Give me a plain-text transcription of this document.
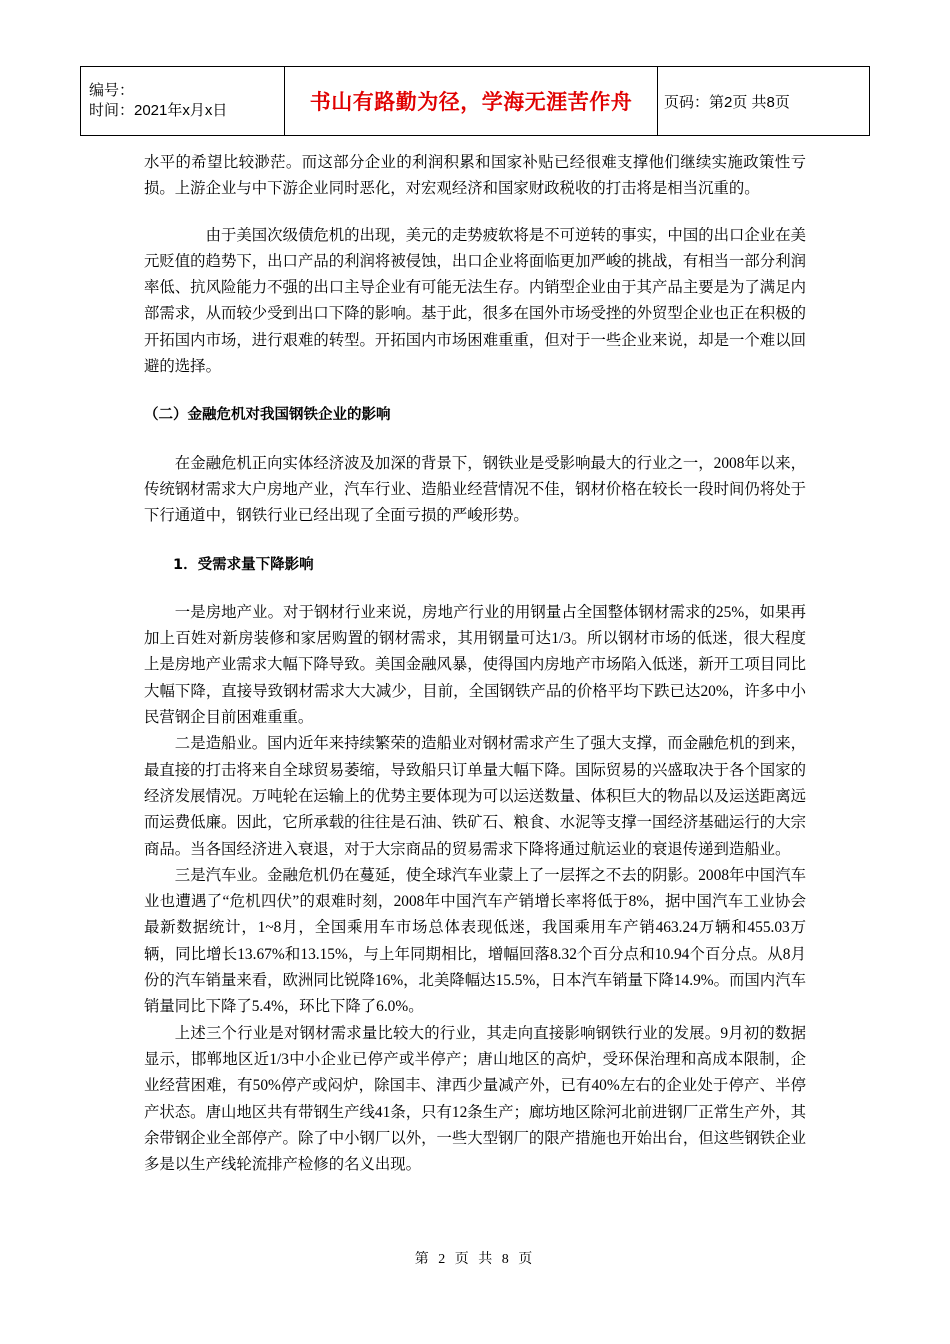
编号：
时间：2021年x月x日	书山有路勤为径，学海无涯苦作舟	页码：第2页 共8页

水平的希望比较渺茫。而这部分企业的利润积累和国家补贴已经很难支撑他们继续实施政策性亏损。上游企业与中下游企业同时恶化，对宏观经济和国家财政税收的打击将是相当沉重的。

由于美国次级债危机的出现，美元的走势疲软将是不可逆转的事实，中国的出口企业在美元贬值的趋势下，出口产品的利润将被侵蚀，出口企业将面临更加严峻的挑战，有相当一部分利润率低、抗风险能力不强的出口主导企业有可能无法生存。内销型企业由于其产品主要是为了满足内部需求，从而较少受到出口下降的影响。基于此，很多在国外市场受挫的外贸型企业也正在积极的开拓国内市场，进行艰难的转型。开拓国内市场困难重重，但对于一些企业来说，却是一个难以回避的选择。

（二）金融危机对我国钢铁企业的影响

在金融危机正向实体经济波及加深的背景下，钢铁业是受影响最大的行业之一，2008年以来，传统钢材需求大户房地产业，汽车行业、造船业经营情况不佳，钢材价格在较长一段时间仍将处于下行通道中，钢铁行业已经出现了全面亏损的严峻形势。

1．受需求量下降影响

一是房地产业。对于钢材行业来说，房地产行业的用钢量占全国整体钢材需求的25%，如果再加上百姓对新房装修和家居购置的钢材需求，其用钢量可达1/3。所以钢材市场的低迷，很大程度上是房地产业需求大幅下降导致。美国金融风暴，使得国内房地产市场陷入低迷，新开工项目同比大幅下降，直接导致钢材需求大大减少，目前，全国钢铁产品的价格平均下跌已达20%，许多中小民营钢企目前困难重重。

二是造船业。国内近年来持续繁荣的造船业对钢材需求产生了强大支撑，而金融危机的到来，最直接的打击将来自全球贸易萎缩，导致船只订单量大幅下降。国际贸易的兴盛取决于各个国家的经济发展情况。万吨轮在运输上的优势主要体现为可以运送数量、体积巨大的物品以及运送距离远而运费低廉。因此，它所承载的往往是石油、铁矿石、粮食、水泥等支撑一国经济基础运行的大宗商品。当各国经济进入衰退，对于大宗商品的贸易需求下降将通过航运业的衰退传递到造船业。

三是汽车业。金融危机仍在蔓延，使全球汽车业蒙上了一层挥之不去的阴影。2008年中国汽车业也遭遇了“危机四伏”的艰难时刻，2008年中国汽车产销增长率将低于8%，据中国汽车工业协会最新数据统计，1~8月，全国乘用车市场总体表现低迷，我国乘用车产销463.24万辆和455.03万辆，同比增长13.67%和13.15%，与上年同期相比，增幅回落8.32个百分点和10.94个百分点。从8月份的汽车销量来看，欧洲同比锐降16%，北美降幅达15.5%，日本汽车销量下降14.9%。而国内汽车销量同比下降了5.4%，环比下降了6.0%。

上述三个行业是对钢材需求量比较大的行业，其走向直接影响钢铁行业的发展。9月初的数据显示，邯郸地区近1/3中小企业已停产或半停产；唐山地区的高炉，受环保治理和高成本限制，企业经营困难，有50%停产或闷炉，除国丰、津西少量减产外，已有40%左右的企业处于停产、半停产状态。唐山地区共有带钢生产线41条，只有12条生产；廊坊地区除河北前进钢厂正常生产外，其余带钢企业全部停产。除了中小钢厂以外，一些大型钢厂的限产措施也开始出台，但这些钢铁企业多是以生产线轮流排产检修的名义出现。

第 2 页 共 8 页
